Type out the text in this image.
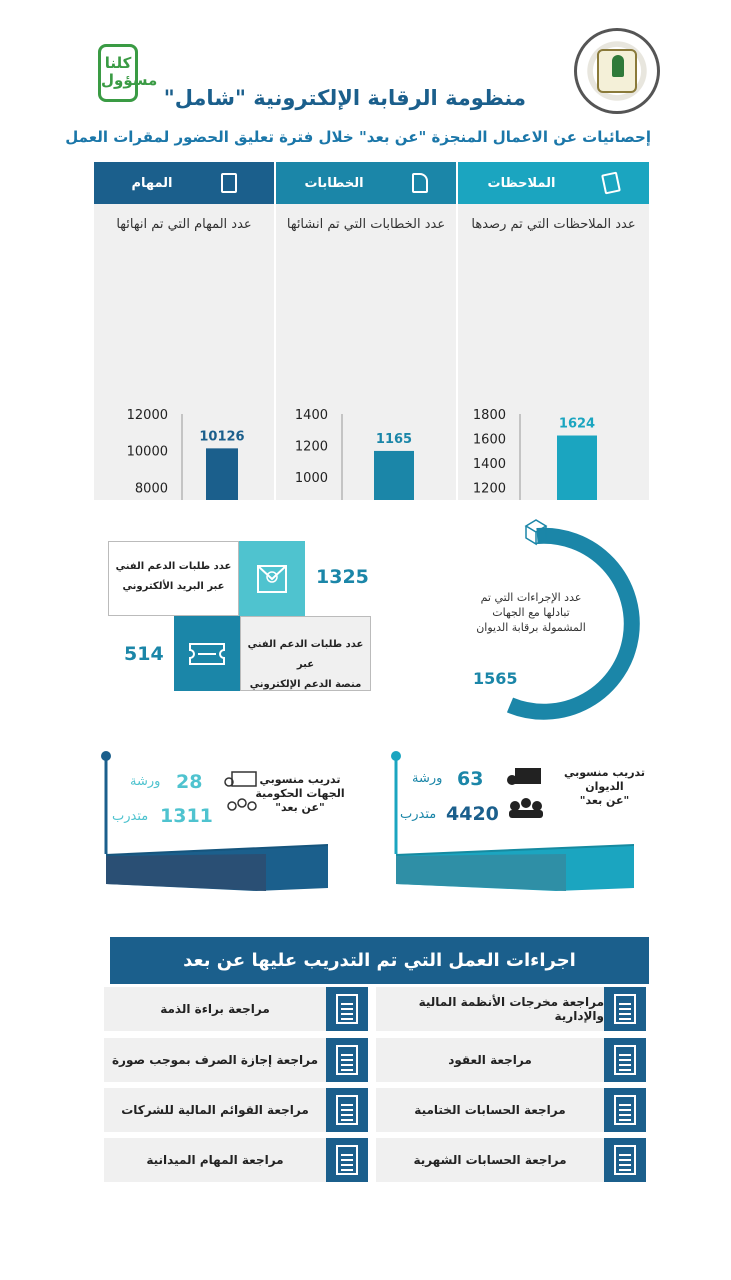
كلنا
مسؤول
منظومة الرقابة الإلكترونية "شامل"
إحصائيات عن الاعمال المنجزة "عن بعد" خلال فترة تعليق الحضور لمقرات العمل
المهام
عدد المهام التي تم انهائها
8000
10000
12000
10126
الخطابات
عدد الخطابات التي تم انشائها
1000
1200
1400
1165
الملاحظات
عدد الملاحظات التي تم رصدها
1200
1400
1600
1800
1624
عدد طلبات الدعم الفني
عبر البريد الألكتروني	1325
عدد طلبات الدعم الفني عبر
منصة الدعم الإلكتروني
514
عدد الإجراءات التي تم
تبادلها مع الجهات
المشمولة برقابة الديوان
1565
تدريب منسوبي
الجهات الحكومية
"عن بعد"
28
ورشة
1311
متدرب
تدريب منسوبي
الديوان
"عن بعد"
63
ورشة
4420
متدرب
اجراءات العمل التي تم التدريب عليها عن بعد
مراجعة مخرجات الأنظمة المالية والإدارية
مراجعة العقود
مراجعة الحسابات الختامية
مراجعة الحسابات الشهرية
مراجعة براءة الذمة
مراجعة إجازة الصرف بموجب صورة
مراجعة القوائم المالية للشركات
مراجعة المهام الميدانية
